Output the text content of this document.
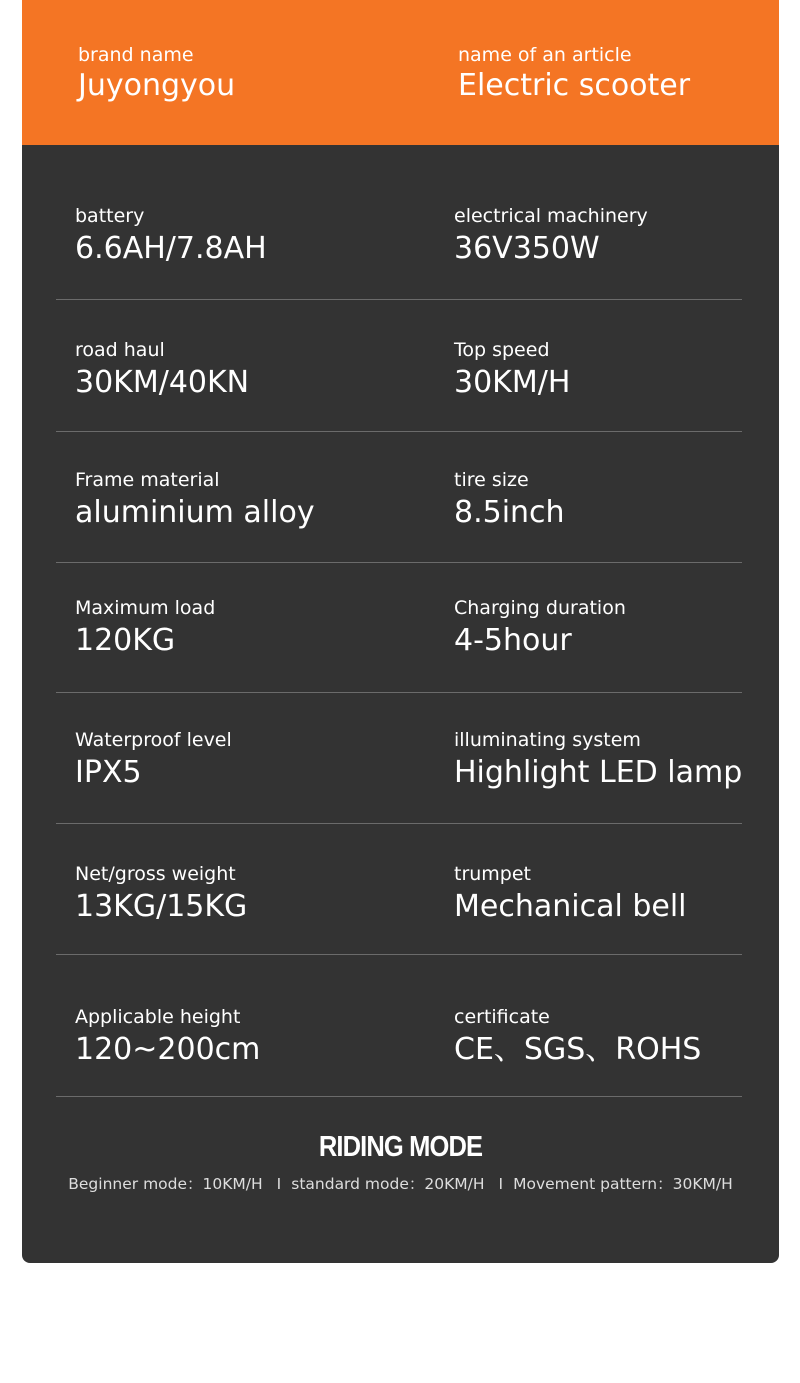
brand name
Juyongyou
name of an article
Electric scooter
battery
6.6AH/7.8AH
electrical machinery
36V350W
road haul
30KM/40KN
Top speed
30KM/H
Frame material
aluminium alloy
tire size
8.5inch
Maximum load
120KG
Charging duration
4-5hour
Waterproof level
IPX5
illuminating system
Highlight LED lamp
Net/gross weight
13KG/15KG
trumpet
Mechanical bell
Applicable height
120~200cm
certificate
CE、SGS、ROHS
RIDING MODE
Beginner mode：10KM/H I standard mode：20KM/H I Movement pattern：30KM/H
